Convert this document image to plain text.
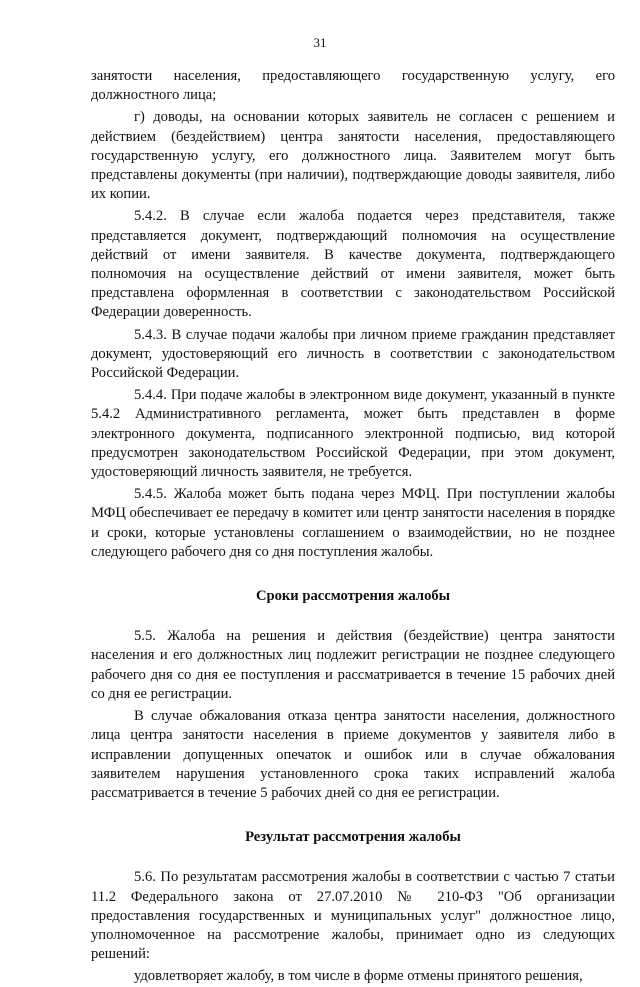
31

занятости населения, предоставляющего государственную услугу, его должностного лица;

г) доводы, на основании которых заявитель не согласен с решением и действием (бездействием) центра занятости населения, предоставляющего государственную услугу, его должностного лица. Заявителем могут быть представлены документы (при наличии), подтверждающие доводы заявителя, либо их копии.

5.4.2. В случае если жалоба подается через представителя, также представляется документ, подтверждающий полномочия на осуществление действий от имени заявителя. В качестве документа, подтверждающего полномочия на осуществление действий от имени заявителя, может быть представлена оформленная в соответствии с законодательством Российской Федерации доверенность.

5.4.3. В случае подачи жалобы при личном приеме гражданин представляет документ, удостоверяющий его личность в соответствии с законодательством Российской Федерации.

5.4.4. При подаче жалобы в электронном виде документ, указанный в пункте 5.4.2 Административного регламента, может быть представлен в форме электронного документа, подписанного электронной подписью, вид которой предусмотрен законодательством Российской Федерации, при этом документ, удостоверяющий личность заявителя, не требуется.

5.4.5. Жалоба может быть подана через МФЦ. При поступлении жалобы МФЦ обеспечивает ее передачу в комитет или центр занятости населения в порядке и сроки, которые установлены соглашением о взаимодействии, но не позднее следующего рабочего дня со дня поступления жалобы.

Сроки рассмотрения жалобы

5.5. Жалоба на решения и действия (бездействие) центра занятости населения и его должностных лиц подлежит регистрации не позднее следующего рабочего дня со дня ее поступления и рассматривается в течение 15 рабочих дней со дня ее регистрации.

В случае обжалования отказа центра занятости населения, должностного лица центра занятости населения в приеме документов у заявителя либо в исправлении допущенных опечаток и ошибок или в случае обжалования заявителем нарушения установленного срока таких исправлений жалоба рассматривается в течение 5 рабочих дней со дня ее регистрации.

Результат рассмотрения жалобы

5.6. По результатам рассмотрения жалобы в соответствии с частью 7 статьи 11.2 Федерального закона от 27.07.2010 № 210-ФЗ "Об организации предоставления государственных и муниципальных услуг" должностное лицо, уполномоченное на рассмотрение жалобы, принимает одно из следующих решений:

удовлетворяет жалобу, в том числе в форме отмены принятого решения,
